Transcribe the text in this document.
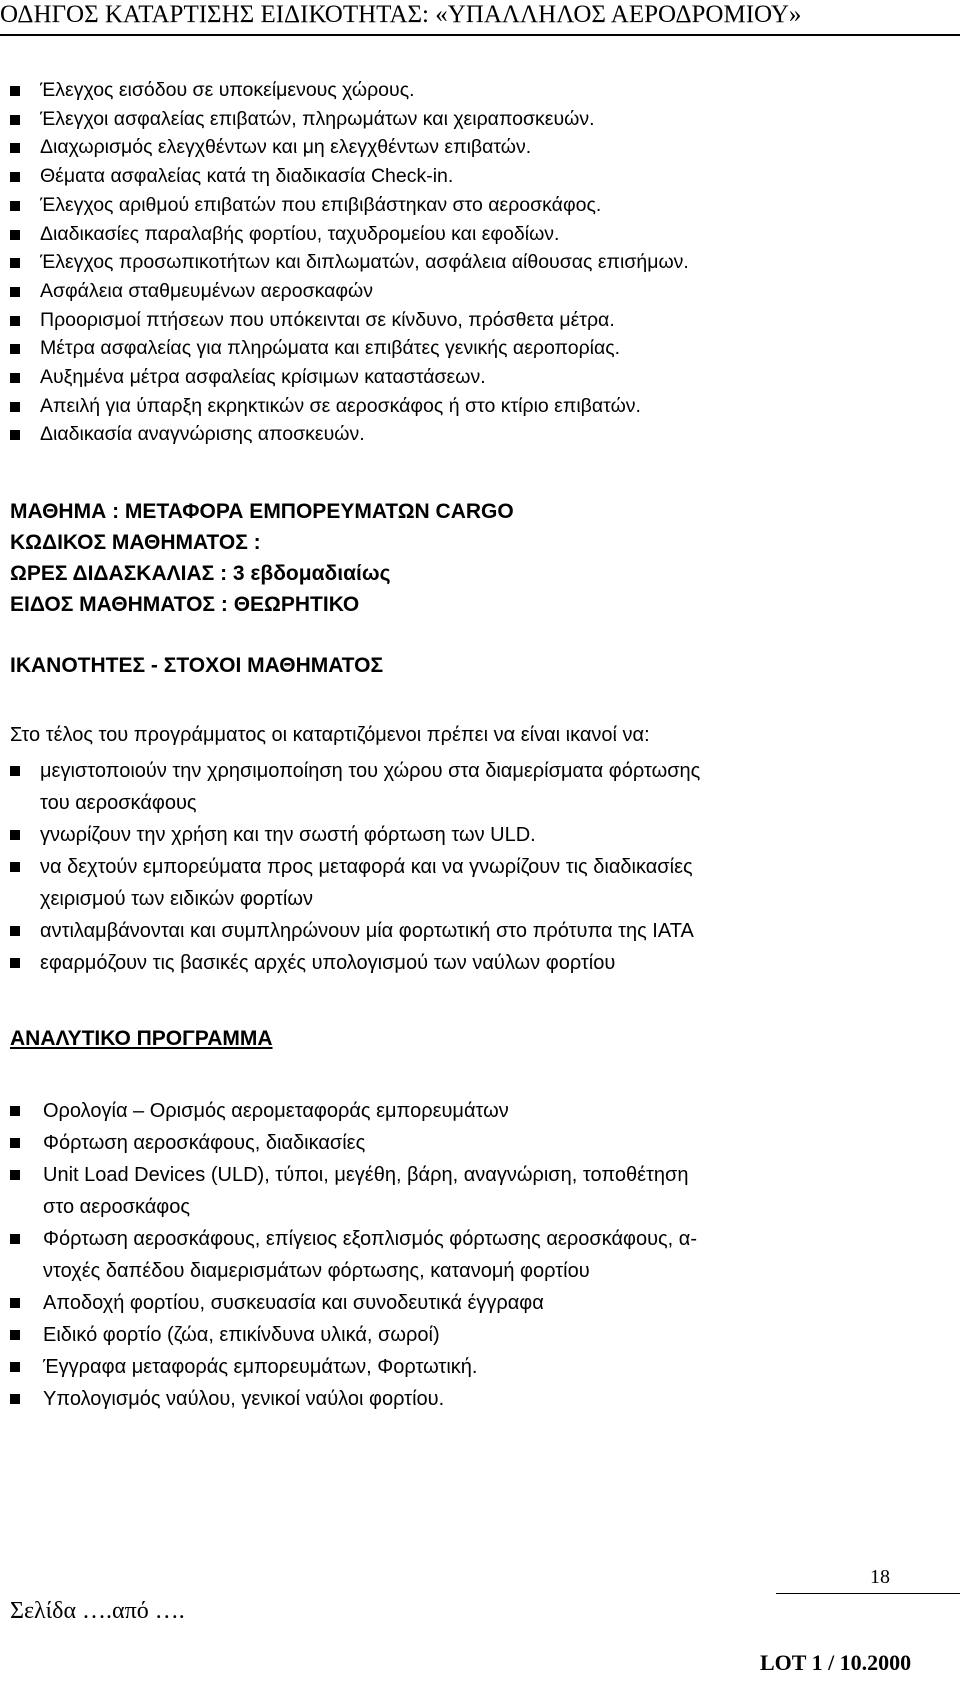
ΟΔΗΓΟΣ ΚΑΤΑΡΤΙΣΗΣ ΕΙΔΙΚΟΤΗΤΑΣ: «ΥΠΑΛΛΗΛΟΣ ΑΕΡΟΔΡΟΜΙΟΥ»
Έλεγχος εισόδου σε υποκείμενους χώρους.
Έλεγχοι ασφαλείας επιβατών, πληρωμάτων και χειραποσκευών.
Διαχωρισμός ελεγχθέντων και μη ελεγχθέντων επιβατών.
Θέματα ασφαλείας κατά τη διαδικασία Check-in.
Έλεγχος αριθμού επιβατών που επιβιβάστηκαν στο αεροσκάφος.
Διαδικασίες παραλαβής φορτίου, ταχυδρομείου και εφοδίων.
Έλεγχος προσωπικοτήτων και διπλωματών, ασφάλεια αίθουσας επισήμων.
Ασφάλεια σταθμευμένων αεροσκαφών
Προορισμοί πτήσεων που υπόκεινται σε κίνδυνο, πρόσθετα μέτρα.
Μέτρα ασφαλείας για πληρώματα και επιβάτες γενικής αεροπορίας.
Αυξημένα μέτρα ασφαλείας κρίσιμων καταστάσεων.
Απειλή για ύπαρξη εκρηκτικών σε αεροσκάφος ή στο κτίριο επιβατών.
Διαδικασία αναγνώρισης αποσκευών.
ΜΑΘΗΜΑ : ΜΕΤΑΦΟΡΑ ΕΜΠΟΡΕΥΜΑΤΩΝ CARGO
ΚΩΔΙΚΟΣ ΜΑΘΗΜΑΤΟΣ :
ΩΡΕΣ ΔΙΔΑΣΚΑΛΙΑΣ : 3 εβδομαδιαίως
ΕΙΔΟΣ ΜΑΘΗΜΑΤΟΣ : ΘΕΩΡΗΤΙΚΟ
ΙΚΑΝΟΤΗΤΕΣ - ΣΤΟΧΟΙ ΜΑΘΗΜΑΤΟΣ
Στο τέλος του προγράμματος οι καταρτιζόμενοι πρέπει να είναι ικανοί να:
μεγιστοποιούν την χρησιμοποίηση του χώρου στα διαμερίσματα φόρτωσης
του αεροσκάφους
γνωρίζουν την χρήση και την σωστή φόρτωση των ULD.
να δεχτούν εμπορεύματα προς μεταφορά και να γνωρίζουν τις διαδικασίες
χειρισμού των ειδικών φορτίων
αντιλαμβάνονται και συμπληρώνουν μία φορτωτική στο πρότυπα της ΙΑΤΑ
εφαρμόζουν τις βασικές αρχές υπολογισμού των ναύλων φορτίου
ΑΝΑΛΥΤΙΚΟ ΠΡΟΓΡΑΜΜΑ
Ορολογία – Ορισμός αερομεταφοράς εμπορευμάτων
Φόρτωση αεροσκάφους, διαδικασίες
Unit Load Devices (ULD), τύποι, μεγέθη, βάρη, αναγνώριση, τοποθέτηση
στο αεροσκάφος
Φόρτωση αεροσκάφους, επίγειος εξοπλισμός φόρτωσης αεροσκάφους, α-
ντοχές δαπέδου διαμερισμάτων φόρτωσης, κατανομή φορτίου
Αποδοχή φορτίου, συσκευασία και συνοδευτικά έγγραφα
Ειδικό φορτίο (ζώα, επικίνδυνα υλικά, σωροί)
Έγγραφα μεταφοράς εμπορευμάτων, Φορτωτική.
Υπολογισμός ναύλου, γενικοί ναύλοι φορτίου.
18
Σελίδα ….από ….
LOT 1 / 10.2000
